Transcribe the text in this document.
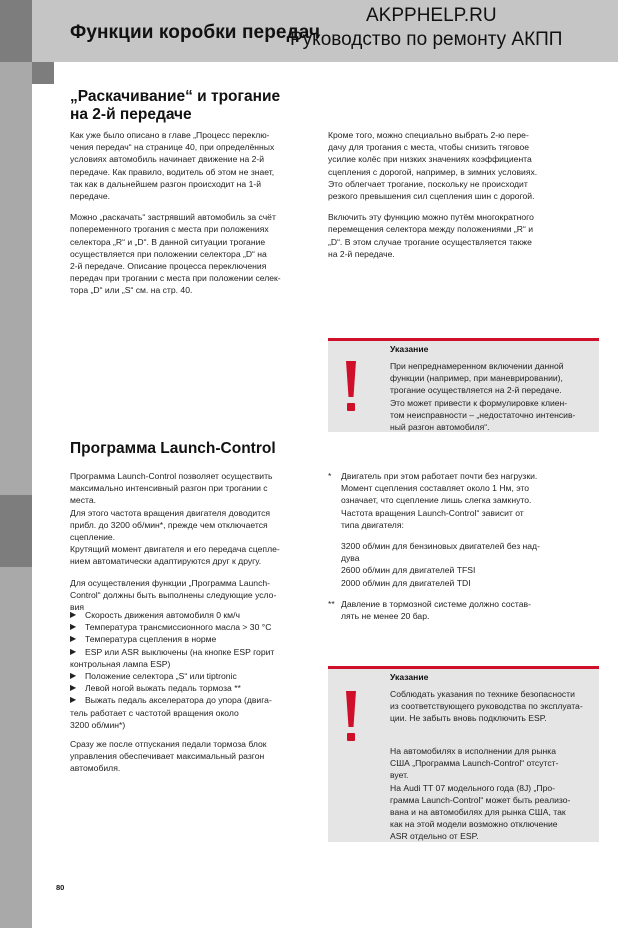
Функции коробки передач
AKPPHELP.RU
Руководство по ремонту АКПП
„Раскачивание“ и трогание
на 2-й передаче
Как уже было описано в главе „Процесс переклю-
чения передач“ на странице 40, при определённых
условиях автомобиль начинает движение на 2-й
передаче. Как правило, водитель об этом не знает,
так как в дальнейшем разгон происходит на 1-й
передаче.
Можно „раскачать“ застрявший автомобиль за счёт
попеременного трогания с места при положениях
селектора „R“ и „D“. В данной ситуации трогание
осуществляется при положении селектора „D“ на
2-й передаче. Описание процесса переключения
передач при трогании с места при положении селек-
тора „D“ или „S“ см. на стр. 40.
Кроме того, можно специально выбрать 2-ю пере-
дачу для трогания с места, чтобы снизить тяговое
усилие колёс при низких значениях коэффициента
сцепления с дорогой, например, в зимних условиях.
Это облегчает трогание, поскольку не происходит
резкого превышения сил сцепления шин с дорогой.
Включить эту функцию можно путём многократного
перемещения селектора между положениями „R“ и
„D“. В этом случае трогание осуществляется также
на 2-й передаче.
Указание
При непреднамеренном включении данной
функции (например, при маневрировании),
трогание осуществляется на 2-й передаче.
Это может привести к формулировке клиен-
том неисправности – „недостаточно интенсив-
ный разгон автомобиля“.
Программа Launch-Control
Программа Launch-Control позволяет осуществить
максимально интенсивный разгон при трогании с
места.
Для этого частота вращения двигателя доводится
прибл. до 3200 об/мин*, прежде чем отключается
сцепление.
Крутящий момент двигателя и его передача сцепле-
нием автоматически адаптируются друг к другу.
Для осуществления функции „Программа Launch-
Control“ должны быть выполнены следующие усло-
вия
▶	Скорость движения автомобиля 0 км/ч
▶	Температура трансмиссионного масла > 30 °C
▶	Температура сцепления в норме
▶	ESP или ASR выключены (на кнопке ESP горит
контрольная лампа ESP)
▶	Положение селектора „S“ или tiptronic
▶	Левой ногой выжать педаль тормоза **
▶	Выжать педаль акселератора до упора (двига-
тель работает с частотой вращения около
3200 об/мин*)
Сразу же после отпускания педали тормоза блок
управления обеспечивает максимальный разгон
автомобиля.
* Двигатель при этом работает почти без нагрузки.
Момент сцепления составляет около 1 Нм, это
означает, что сцепление лишь слегка замкнуто.
Частота вращения Launch-Control“ зависит от
типа двигателя:
3200 об/мин для бензиновых двигателей без над-
дува
2600 об/мин для двигателей TFSI
2000 об/мин для двигателей TDI
** Давление в тормозной системе должно состав-
лять не менее 20 бар.
Указание
Соблюдать указания по технике безопасности
из соответствующего руководства по эксплуата-
ции. Не забыть вновь подключить ESP.
На автомобилях в исполнении для рынка
США „Программа Launch-Control“ отсутст-
вует.
На Audi TT 07 модельного года (8J) „Про-
грамма Launch-Control“ может быть реализо-
вана и на автомобилях для рынка США, так
как на этой модели возможно отключение
ASR отдельно от ESP.
80
